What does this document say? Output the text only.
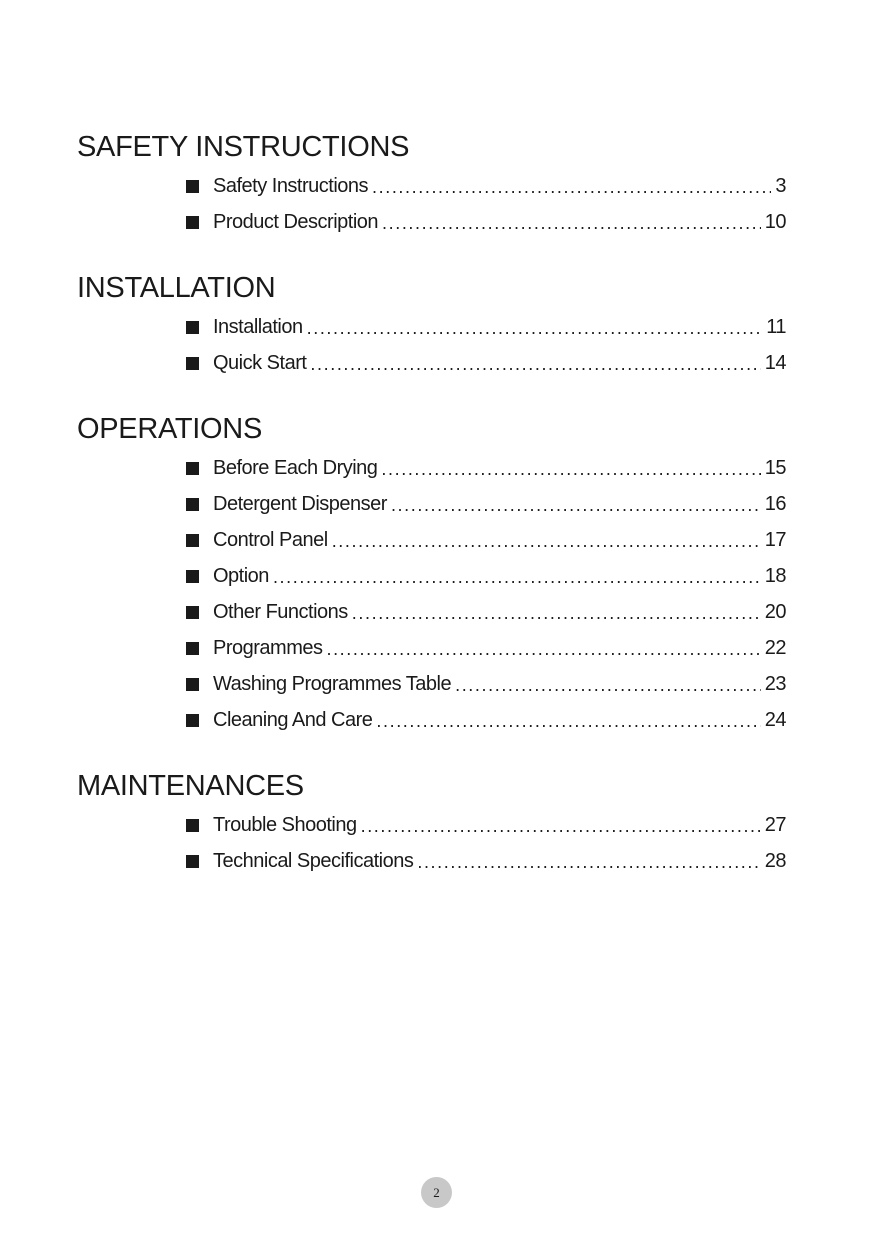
SAFETY INSTRUCTIONS
Safety Instructions .....	3
Product Description .....	10
INSTALLATION
Installation .....	11
Quick Start .....	14
OPERATIONS
Before Each Drying .....	15
Detergent Dispenser .....	16
Control Panel .....	17
Option .....	18
Other Functions .....	20
Programmes .....	22
Washing Programmes Table .....	23
Cleaning And Care .....	24
MAINTENANCES
Trouble Shooting .....	27
Technical Specifications .....	28
2
